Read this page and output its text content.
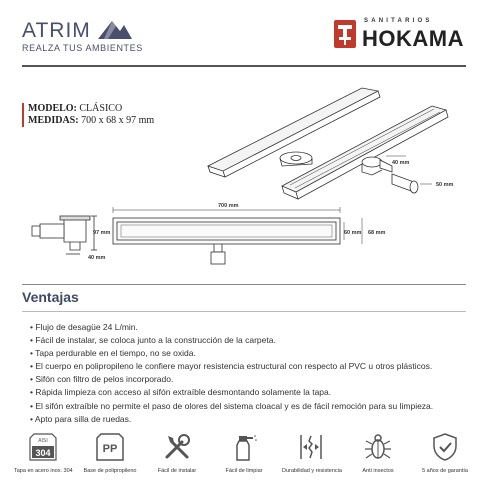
ATRIM
REALZA TUS AMBIENTES
SANITARIOS
HOKAMA
MODELO: CLÁSICO
MEDIDAS: 700 x 68 x 97 mm
40 mm
50 mm
97 mm
40 mm
700 mm
60 mm 68 mm
Ventajas
• Flujo de desagüe 24 L/min.
• Fácil de instalar, se coloca junto a la construcción de la carpeta.
• Tapa perdurable en el tiempo, no se oxida.
• El cuerpo en polipropileno le confiere mayor resistencia estructural con respecto al PVC u otros plásticos.
• Sifón con filtro de pelos incorporado.
• Rápida limpieza con acceso al sifón extraíble desmontando solamente la tapa.
• El sifón extraíble no permite el paso de olores del sistema cloacal y es de fácil remoción para su limpieza.
• Apto para silla de ruedas.
AISI
304
Tapa en acero inox. 304
PP
Base de polipropileno	Fácil de instalar	Fácil de limpiar	Durabilidad y resistencia	Anti insectos	5 años de garantía
